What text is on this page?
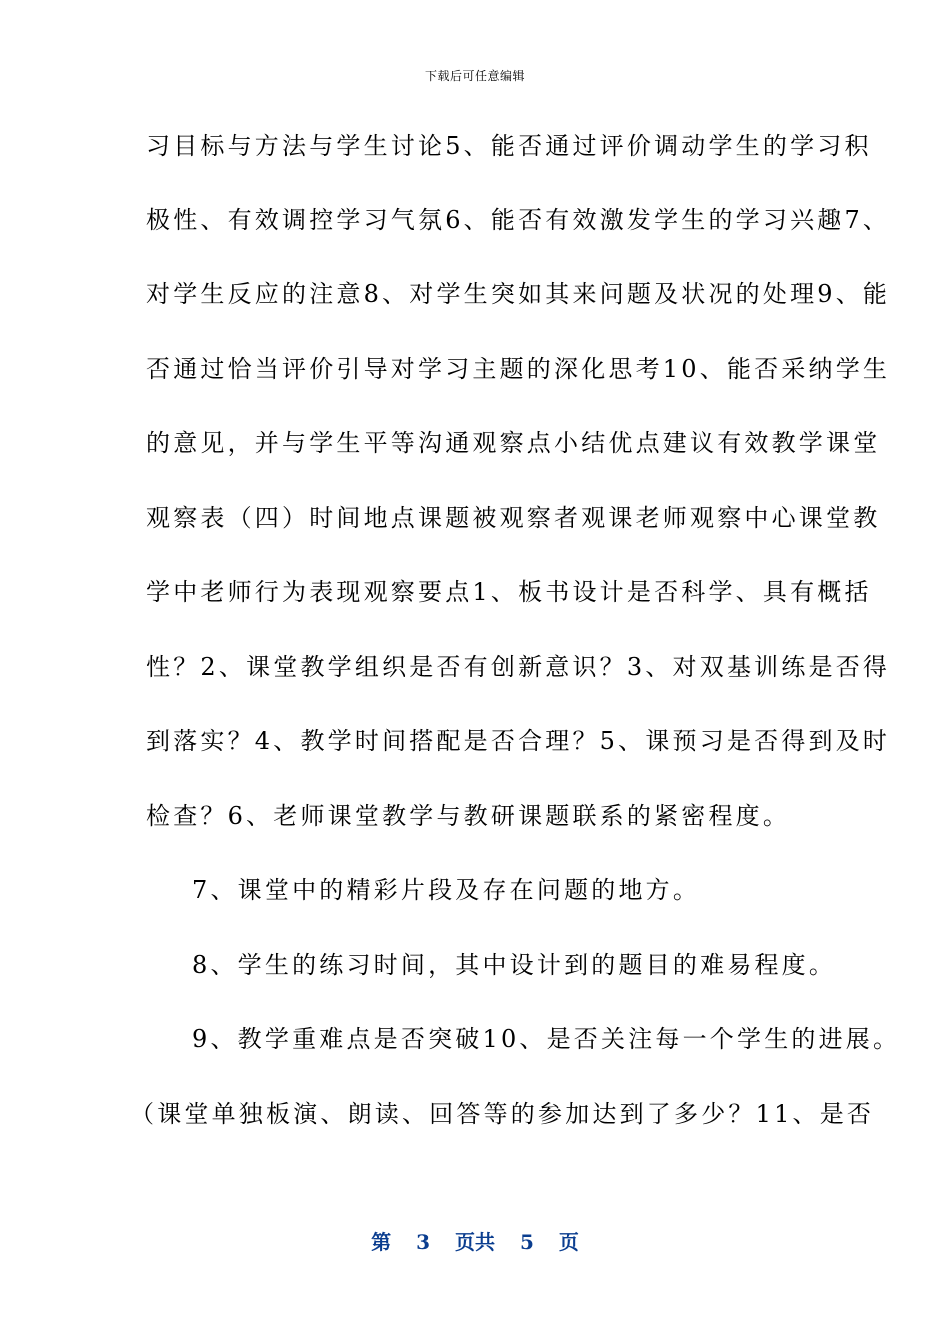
下载后可任意编辑
习目标与方法与学生讨论5、能否通过评价调动学生的学习积
极性、有效调控学习气氛6、能否有效激发学生的学习兴趣7、
对学生反应的注意8、对学生突如其来问题及状况的处理9、能
否通过恰当评价引导对学习主题的深化思考10、能否采纳学生
的意见，并与学生平等沟通观察点小结优点建议有效教学课堂
观察表（四）时间地点课题被观察者观课老师观察中心课堂教
学中老师行为表现观察要点1、板书设计是否科学、具有概括
性？2、课堂教学组织是否有创新意识？3、对双基训练是否得
到落实？4、教学时间搭配是否合理？5、课预习是否得到及时
检查？6、老师课堂教学与教研课题联系的紧密程度。
7、课堂中的精彩片段及存在问题的地方。
8、学生的练习时间，其中设计到的题目的难易程度。
9、教学重难点是否突破10、是否关注每一个学生的进展。
（课堂单独板演、朗读、回答等的参加达到了多少？11、是否
第 3 页共 5 页
